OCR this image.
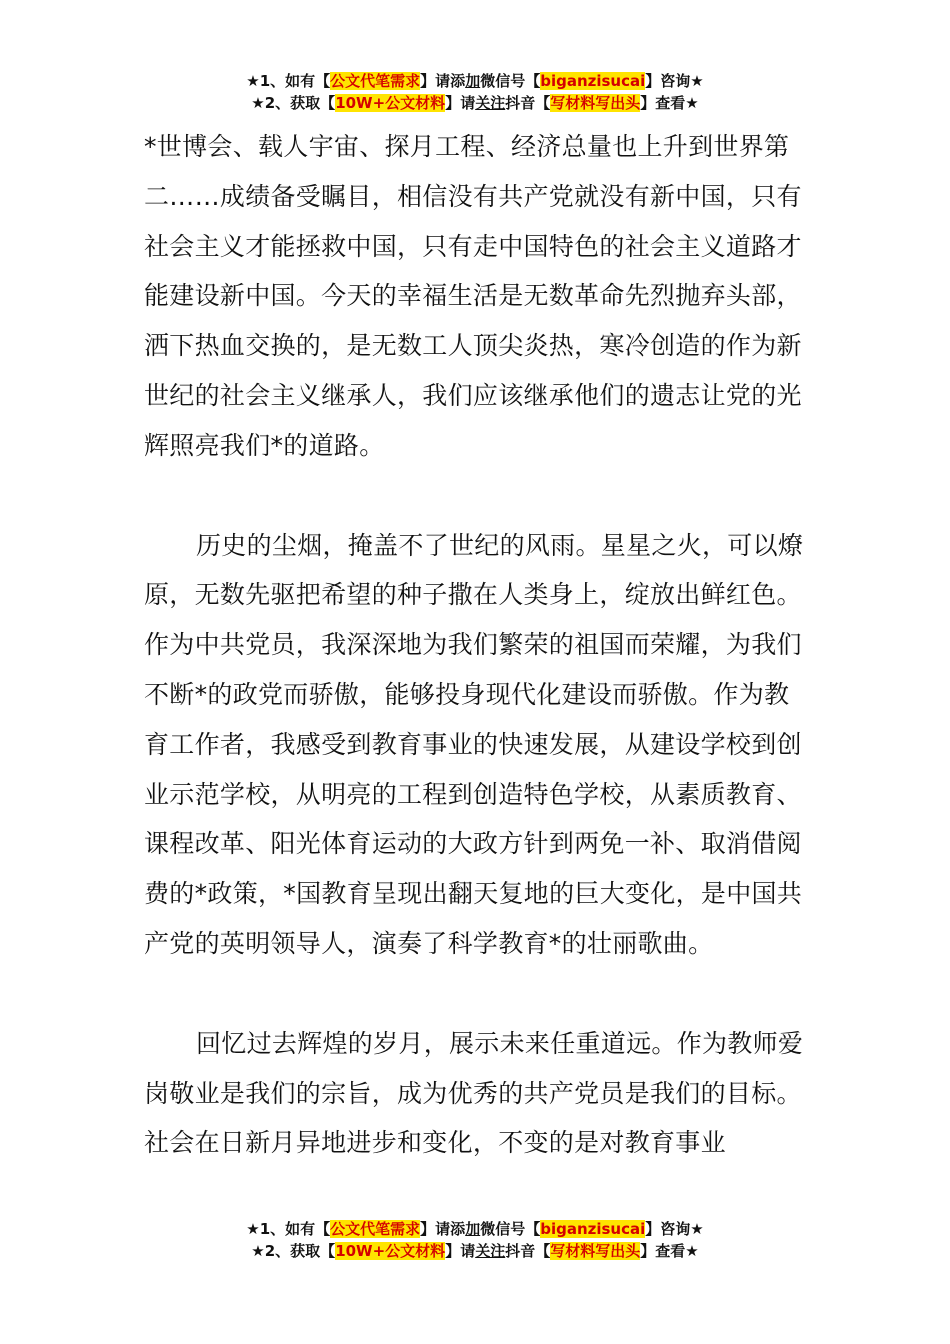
★1、如有【公文代笔需求】请添加微信号【biganzisucai】咨询★
★2、获取【10W+公文材料】请关注抖音【写材料写出头】查看★

*世博会、载人宇宙、探月工程、经济总量也上升到世界第二……成绩备受瞩目，相信没有共产党就没有新中国，只有社会主义才能拯救中国，只有走中国特色的社会主义道路才能建设新中国。今天的幸福生活是无数革命先烈抛弃头部，洒下热血交换的，是无数工人顶尖炎热，寒冷创造的作为新世纪的社会主义继承人，我们应该继承他们的遗志让党的光辉照亮我们*的道路。

历史的尘烟，掩盖不了世纪的风雨。星星之火，可以燎原，无数先驱把希望的种子撒在人类身上，绽放出鲜红色。作为中共党员，我深深地为我们繁荣的祖国而荣耀，为我们不断*的政党而骄傲，能够投身现代化建设而骄傲。作为教育工作者，我感受到教育事业的快速发展，从建设学校到创业示范学校，从明亮的工程到创造特色学校，从素质教育、课程改革、阳光体育运动的大政方针到两免一补、取消借阅费的*政策，*国教育呈现出翻天复地的巨大变化，是中国共产党的英明领导人，演奏了科学教育*的壮丽歌曲。

回忆过去辉煌的岁月，展示未来任重道远。作为教师爱岗敬业是我们的宗旨，成为优秀的共产党员是我们的目标。社会在日新月异地进步和变化，不变的是对教育事业

★1、如有【公文代笔需求】请添加微信号【biganzisucai】咨询★
★2、获取【10W+公文材料】请关注抖音【写材料写出头】查看★
